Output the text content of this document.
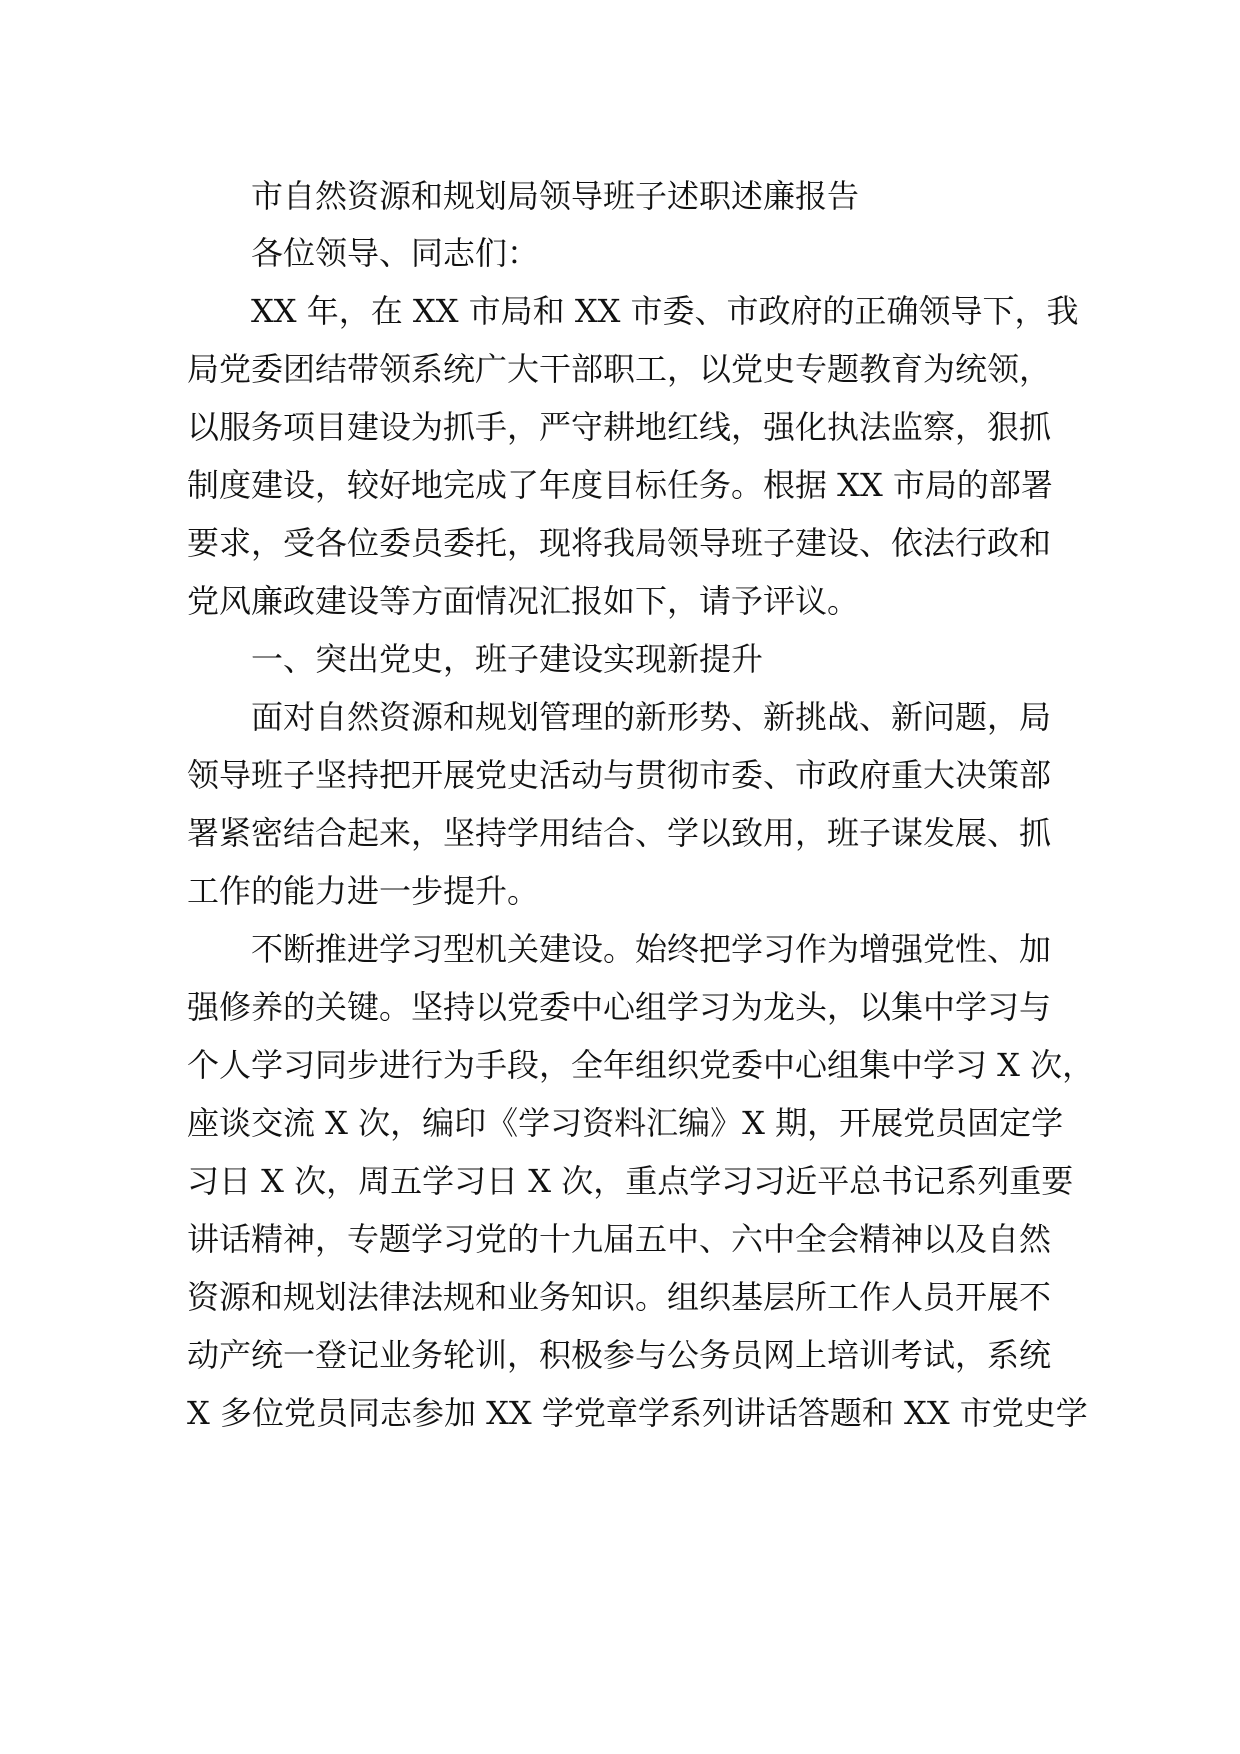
市自然资源和规划局领导班子述职述廉报告

各位领导、同志们：

XX 年，在 XX 市局和 XX 市委、市政府的正确领导下，我

局党委团结带领系统广大干部职工，以党史专题教育为统领，

以服务项目建设为抓手，严守耕地红线，强化执法监察，狠抓

制度建设，较好地完成了年度目标任务。根据 XX 市局的部署

要求，受各位委员委托，现将我局领导班子建设、依法行政和

党风廉政建设等方面情况汇报如下，请予评议。

一、突出党史，班子建设实现新提升

面对自然资源和规划管理的新形势、新挑战、新问题，局

领导班子坚持把开展党史活动与贯彻市委、市政府重大决策部

署紧密结合起来，坚持学用结合、学以致用，班子谋发展、抓

工作的能力进一步提升。

不断推进学习型机关建设。始终把学习作为增强党性、加

强修养的关键。坚持以党委中心组学习为龙头，以集中学习与

个人学习同步进行为手段，全年组织党委中心组集中学习 X 次，

座谈交流 X 次，编印《学习资料汇编》X 期，开展党员固定学

习日 X 次，周五学习日 X 次，重点学习习近平总书记系列重要

讲话精神，专题学习党的十九届五中、六中全会精神以及自然

资源和规划法律法规和业务知识。组织基层所工作人员开展不

动产统一登记业务轮训，积极参与公务员网上培训考试，系统

X 多位党员同志参加 XX 学党章学系列讲话答题和 XX 市党史学
